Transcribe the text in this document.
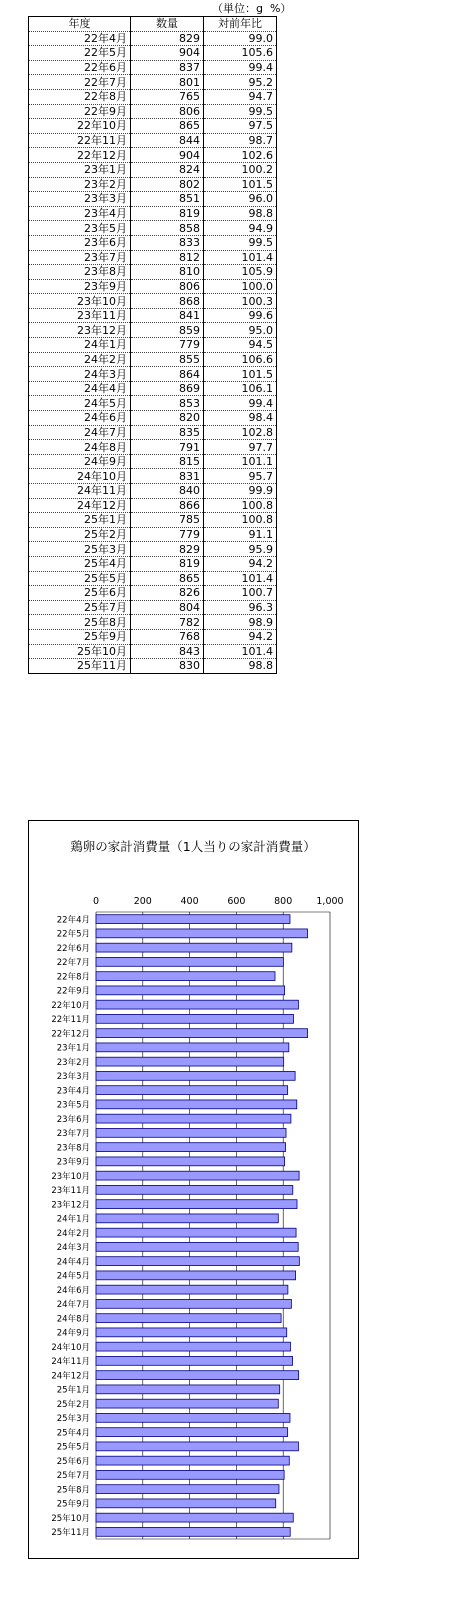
（単位：g  %）
年度	数量	対前年比
22年4月	829	99.0
22年5月	904	105.6
22年6月	837	99.4
22年7月	801	95.2
22年8月	765	94.7
22年9月	806	99.5
22年10月	865	97.5
22年11月	844	98.7
22年12月	904	102.6
23年1月	824	100.2
23年2月	802	101.5
23年3月	851	96.0
23年4月	819	98.8
23年5月	858	94.9
23年6月	833	99.5
23年7月	812	101.4
23年8月	810	105.9
23年9月	806	100.0
23年10月	868	100.3
23年11月	841	99.6
23年12月	859	95.0
24年1月	779	94.5
24年2月	855	106.6
24年3月	864	101.5
24年4月	869	106.1
24年5月	853	99.4
24年6月	820	98.4
24年7月	835	102.8
24年8月	791	97.7
24年9月	815	101.1
24年10月	831	95.7
24年11月	840	99.9
24年12月	866	100.8
25年1月	785	100.8
25年2月	779	91.1
25年3月	829	95.9
25年4月	819	94.2
25年5月	865	101.4
25年6月	826	100.7
25年7月	804	96.3
25年8月	782	98.9
25年9月	768	94.2
25年10月	843	101.4
25年11月	830	98.8
鶏卵の家計消費量（1人当りの家計消費量）
0	200	400	600	800	1,000
22年4月
22年5月
22年6月
22年7月
22年8月
22年9月
22年10月
22年11月
22年12月
23年1月
23年2月
23年3月
23年4月
23年5月
23年6月
23年7月
23年8月
23年9月
23年10月
23年11月
23年12月
24年1月
24年2月
24年3月
24年4月
24年5月
24年6月
24年7月
24年8月
24年9月
24年10月
24年11月
24年12月
25年1月
25年2月
25年3月
25年4月
25年5月
25年6月
25年7月
25年8月
25年9月
25年10月
25年11月
